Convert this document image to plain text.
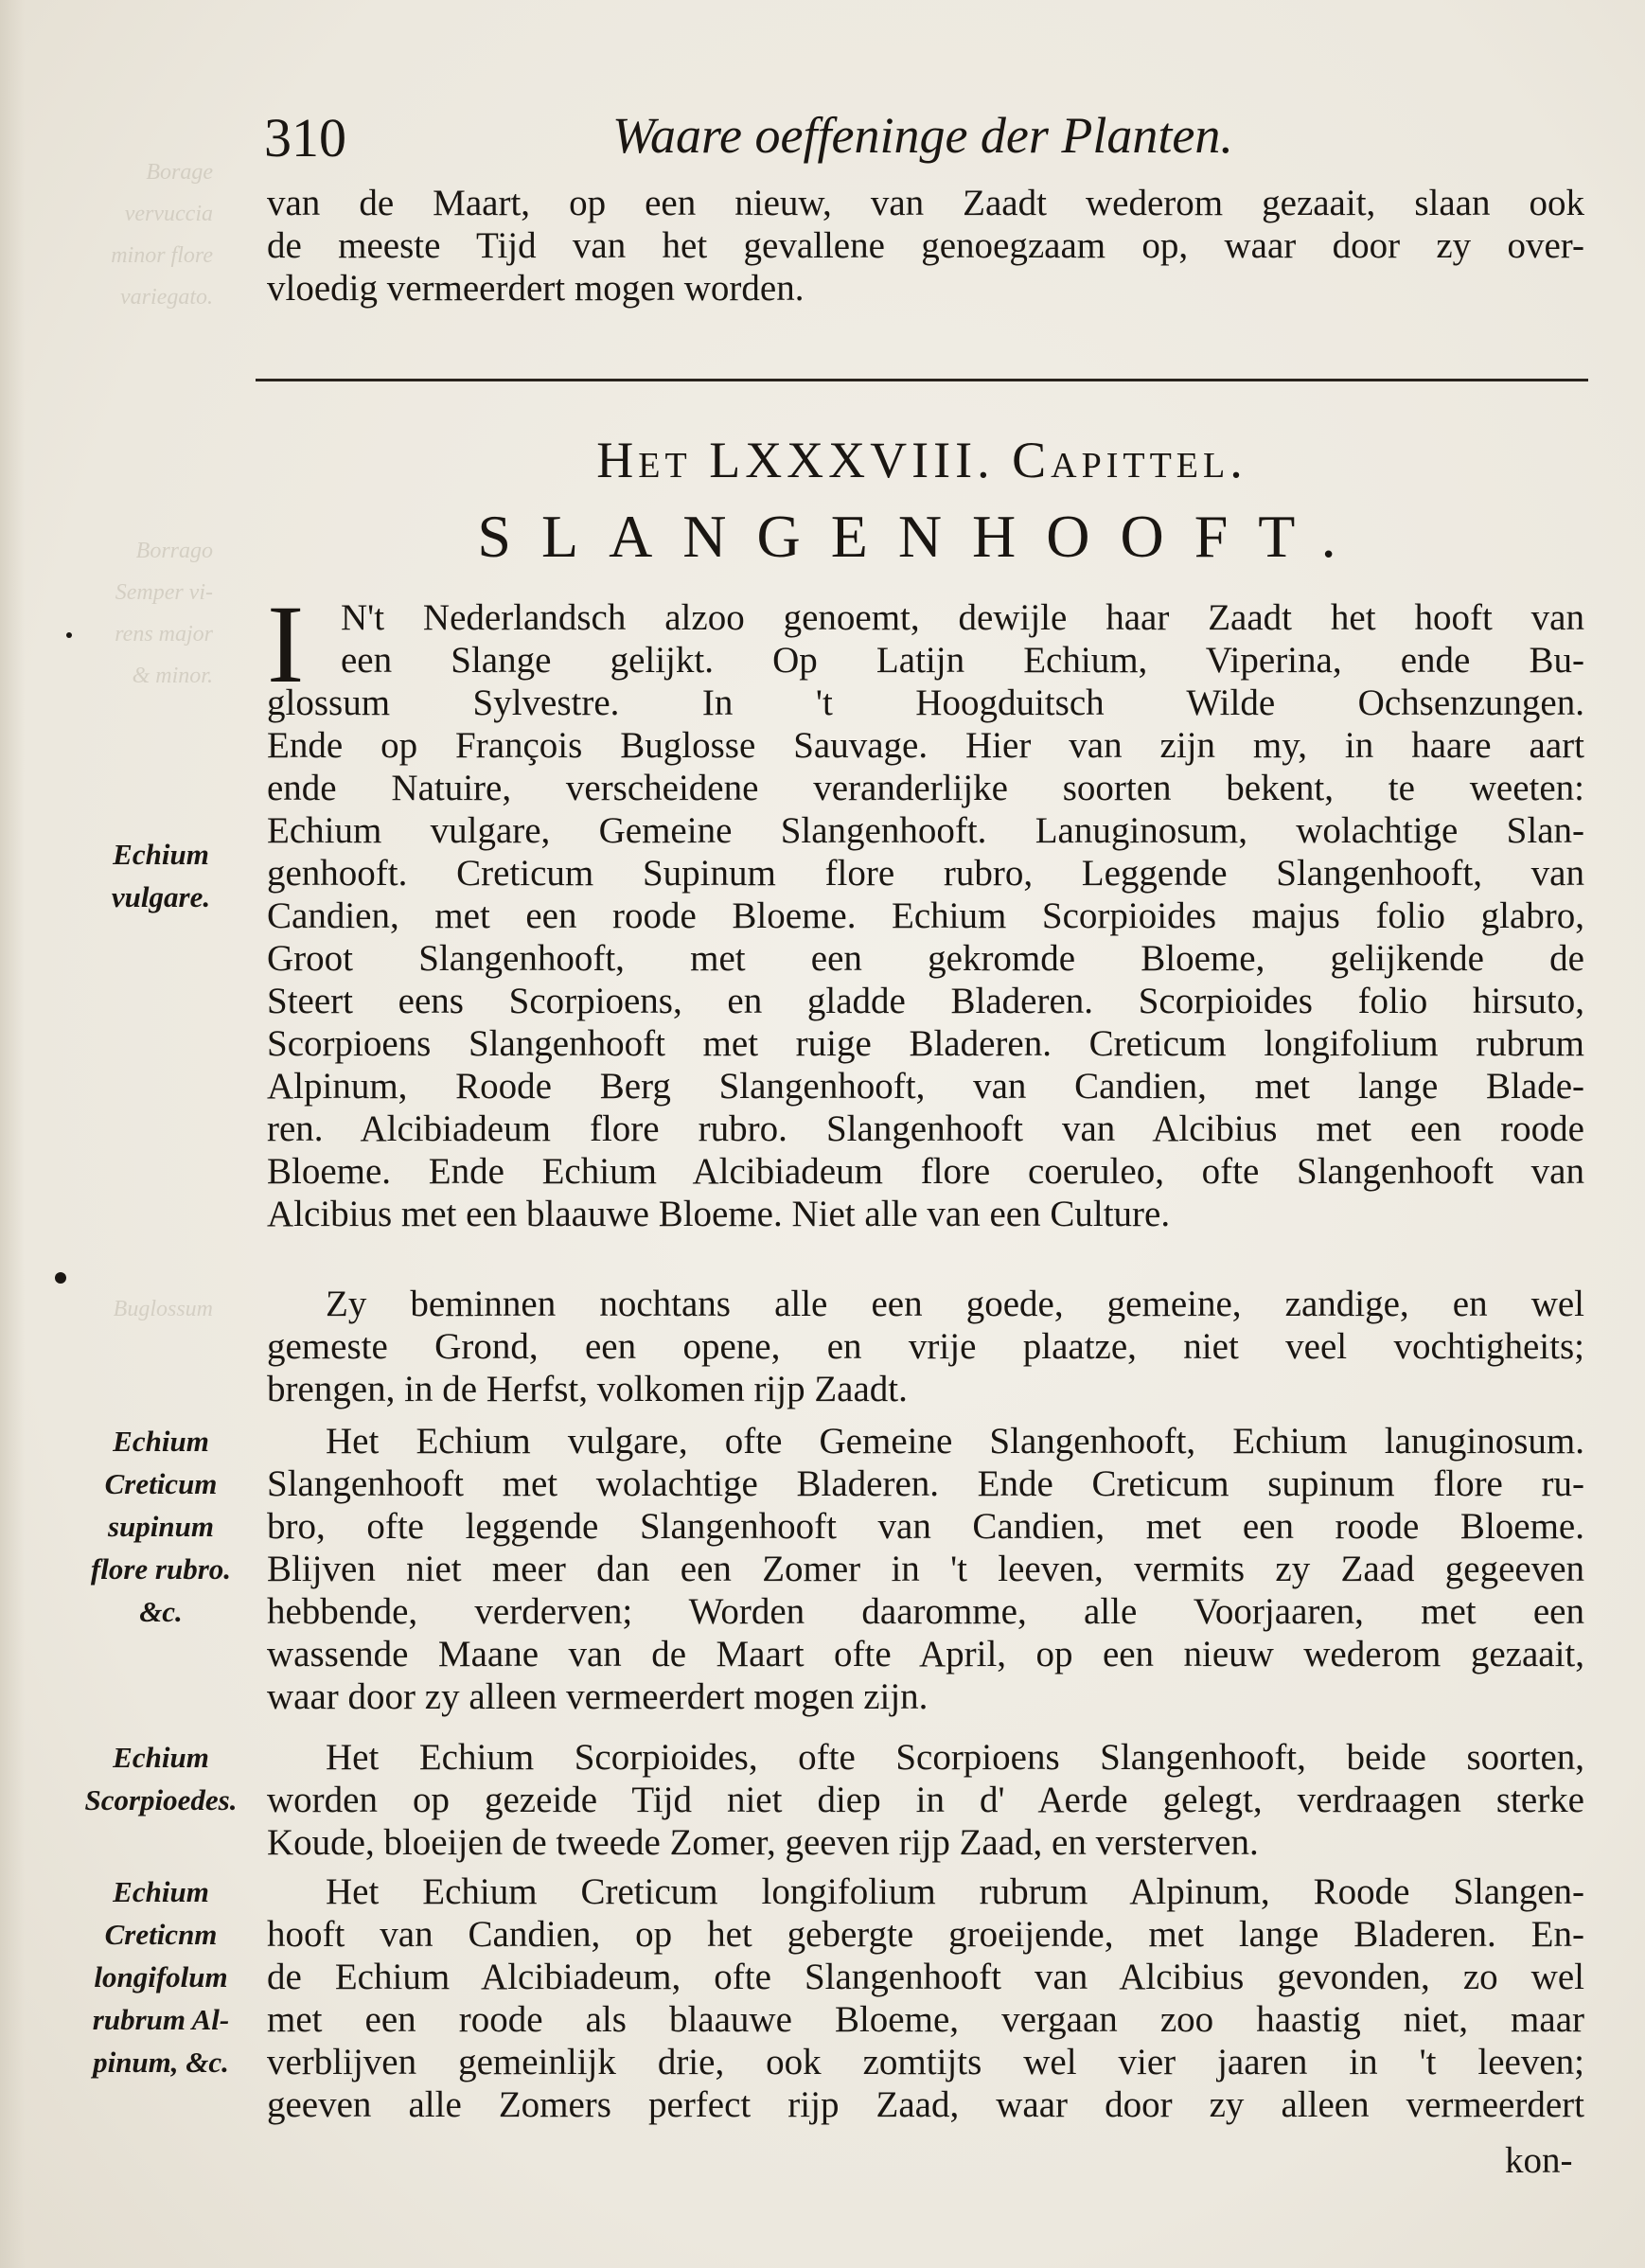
Borage
vervuccia
minor flore
variegato.
Borrago
Semper vi-
rens major
& minor.
Buglossum
310	Waare oeffeninge der Planten.
van de Maart, op een nieuw, van Zaadt wederom gezaait, slaan ook
de meeste Tijd van het gevallene genoegzaam op, waar door zy over-
vloedig vermeerdert mogen worden.
Het LXXXVIII. Capittel.
SLANGENHOOFT.
I N't Nederlandsch alzoo genoemt, dewijle haar Zaadt het hooft van
een Slange gelijkt. Op Latijn Echium, Viperina, ende Bu-
glossum Sylvestre. In 't Hoogduitsch Wilde Ochsenzungen.
Ende op François Buglosse Sauvage. Hier van zijn my, in haare aart
ende Natuire, verscheidene veranderlijke soorten bekent, te weeten:
Echium vulgare, Gemeine Slangenhooft. Lanuginosum, wolachtige Slan-
genhooft. Creticum Supinum flore rubro, Leggende Slangenhooft, van
Candien, met een roode Bloeme. Echium Scorpioides majus folio glabro,
Groot Slangenhooft, met een gekromde Bloeme, gelijkende de
Steert eens Scorpioens, en gladde Bladeren. Scorpioides folio hirsuto,
Scorpioens Slangenhooft met ruige Bladeren. Creticum longifolium rubrum
Alpinum, Roode Berg Slangenhooft, van Candien, met lange Blade-
ren. Alcibiadeum flore rubro. Slangenhooft van Alcibius met een roode
Bloeme. Ende Echium Alcibiadeum flore coeruleo, ofte Slangenhooft van
Alcibius met een blaauwe Bloeme. Niet alle van een Culture.
Zy beminnen nochtans alle een goede, gemeine, zandige, en wel
gemeste Grond, een opene, en vrije plaatze, niet veel vochtigheits;
brengen, in de Herfst, volkomen rijp Zaadt.
Het Echium vulgare, ofte Gemeine Slangenhooft, Echium lanuginosum.
Slangenhooft met wolachtige Bladeren. Ende Creticum supinum flore ru-
bro, ofte leggende Slangenhooft van Candien, met een roode Bloeme.
Blijven niet meer dan een Zomer in 't leeven, vermits zy Zaad gegeeven
hebbende, verderven; Worden daaromme, alle Voorjaaren, met een
wassende Maane van de Maart ofte April, op een nieuw wederom gezaait,
waar door zy alleen vermeerdert mogen zijn.
Het Echium Scorpioides, ofte Scorpioens Slangenhooft, beide soorten,
worden op gezeide Tijd niet diep in d' Aerde gelegt, verdraagen sterke
Koude, bloeijen de tweede Zomer, geeven rijp Zaad, en versterven.
Het Echium Creticum longifolium rubrum Alpinum, Roode Slangen-
hooft van Candien, op het gebergte groeijende, met lange Bladeren. En-
de Echium Alcibiadeum, ofte Slangenhooft van Alcibius gevonden, zo wel
met een roode als blaauwe Bloeme, vergaan zoo haastig niet, maar
verblijven gemeinlijk drie, ook zomtijts wel vier jaaren in 't leeven;
geeven alle Zomers perfect rijp Zaad, waar door zy alleen vermeerdert
kon-
Echium
vulgare.
Echium
Creticum
supinum
flore rubro.
&c.
Echium
Scorpioedes.
Echium
Creticnm
longifolum
rubrum Al-
pinum, &c.
